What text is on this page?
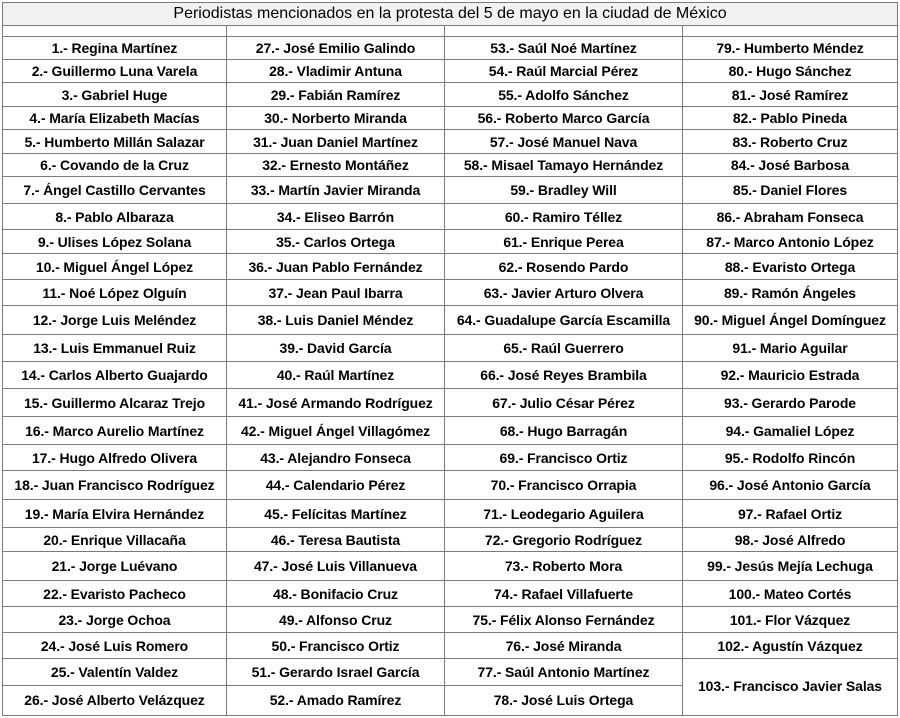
Periodistas mencionados en la protesta del 5 de mayo en la ciudad de México
1.- Regina Martínez
2.- Guillermo Luna Varela
3.- Gabriel Huge
4.- María Elizabeth Macías
5.- Humberto Millán Salazar
6.- Covando de la Cruz
7.- Ángel Castillo Cervantes
8.- Pablo Albaraza
9.- Ulises López Solana
10.- Miguel Ángel López
11.- Noé López Olguín
12.- Jorge Luis Meléndez
13.- Luis Emmanuel Ruiz
14.- Carlos Alberto Guajardo
15.- Guillermo Alcaraz Trejo
16.- Marco Aurelio Martínez
17.- Hugo Alfredo Olivera
18.- Juan Francisco Rodríguez
19.- María Elvira Hernández
20.- Enrique Villacaña
21.- Jorge Luévano
22.- Evaristo Pacheco
23.- Jorge Ochoa
24.- José Luis Romero
25.- Valentín Valdez
26.- José Alberto Velázquez
27.- José Emilio Galindo
28.- Vladimir Antuna
29.- Fabián Ramírez
30.- Norberto Miranda
31.- Juan Daniel Martínez
32.- Ernesto Montáñez
33.- Martín Javier Miranda
34.- Eliseo Barrón
35.- Carlos Ortega
36.- Juan Pablo Fernández
37.- Jean Paul Ibarra
38.- Luis Daniel Méndez
39.- David García
40.- Raúl Martínez
41.- José Armando Rodríguez
42.- Miguel Ángel Villagómez
43.- Alejandro Fonseca
44.- Calendario Pérez
45.- Felícitas Martínez
46.- Teresa Bautista
47.- José Luis Villanueva
48.- Bonifacio Cruz
49.- Alfonso Cruz
50.- Francisco Ortiz
51.- Gerardo Israel García
52.- Amado Ramírez
53.- Saúl Noé Martínez
54.- Raúl Marcial Pérez
55.- Adolfo Sánchez
56.- Roberto Marco García
57.- José Manuel Nava
58.- Misael Tamayo Hernández
59.- Bradley Will
60.- Ramiro Téllez
61.- Enrique Perea
62.- Rosendo Pardo
63.- Javier Arturo Olvera
64.- Guadalupe García Escamilla
65.- Raúl Guerrero
66.- José Reyes Brambila
67.- Julio César Pérez
68.- Hugo Barragán
69.- Francisco Ortiz
70.- Francisco Orrapia
71.- Leodegario Aguilera
72.- Gregorio Rodríguez
73.- Roberto Mora
74.- Rafael Villafuerte
75.- Félix Alonso Fernández
76.- José Miranda
77.- Saúl Antonio Martínez
78.- José Luis Ortega
79.- Humberto Méndez
80.- Hugo Sánchez
81.- José Ramírez
82.- Pablo Pineda
83.- Roberto Cruz
84.- José Barbosa
85.- Daniel Flores
86.- Abraham Fonseca
87.- Marco Antonio López
88.- Evaristo Ortega
89.- Ramón Ángeles
90.- Miguel Ángel Domínguez
91.- Mario Aguilar
92.- Mauricio Estrada
93.- Gerardo Parode
94.- Gamaliel López
95.- Rodolfo Rincón
96.- José Antonio García
97.- Rafael Ortiz
98.- José Alfredo
99.- Jesús Mejía Lechuga
100.- Mateo Cortés
101.- Flor Vázquez
102.- Agustín Vázquez
103.- Francisco Javier Salas
